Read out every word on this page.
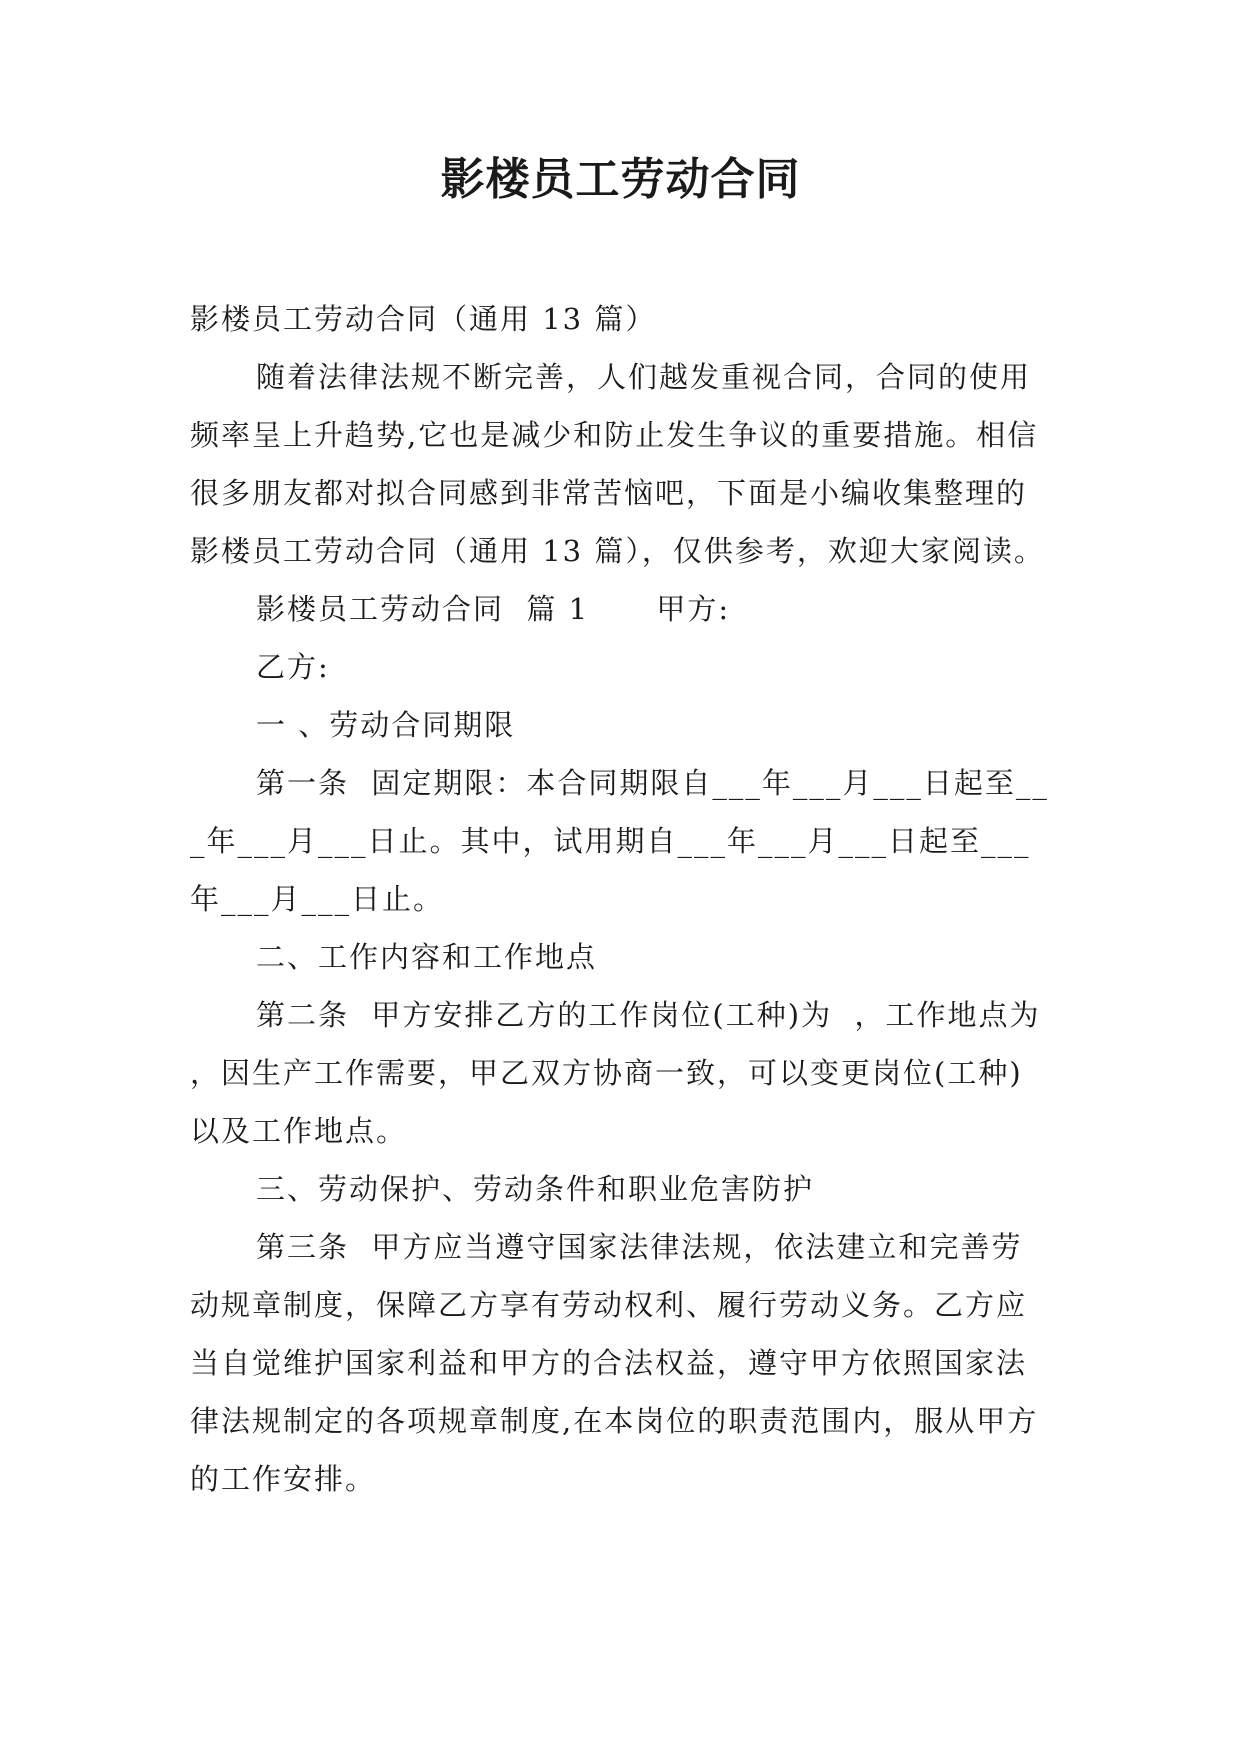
影楼员工劳动合同

影楼员工劳动合同（通用 13 篇）

随着法律法规不断完善，人们越发重视合同，合同的使用频率呈上升趋势,它也是减少和防止发生争议的重要措施。相信很多朋友都对拟合同感到非常苦恼吧，下面是小编收集整理的影楼员工劳动合同（通用 13 篇），仅供参考，欢迎大家阅读。

影楼员工劳动合同  篇 1      甲方:

乙方:

一 、劳动合同期限

第一条  固定期限：本合同期限自___年___月___日起至___年___月___日止。其中，试用期自___年___月___日起至___年___月___日止。

二、工作内容和工作地点

第二条  甲方安排乙方的工作岗位(工种)为  ，工作地点为  ，因生产工作需要，甲乙双方协商一致，可以变更岗位(工种)以及工作地点。

三、劳动保护、劳动条件和职业危害防护

第三条  甲方应当遵守国家法律法规，依法建立和完善劳动规章制度，保障乙方享有劳动权利、履行劳动义务。乙方应当自觉维护国家利益和甲方的合法权益，遵守甲方依照国家法律法规制定的各项规章制度,在本岗位的职责范围内，服从甲方的工作安排。
